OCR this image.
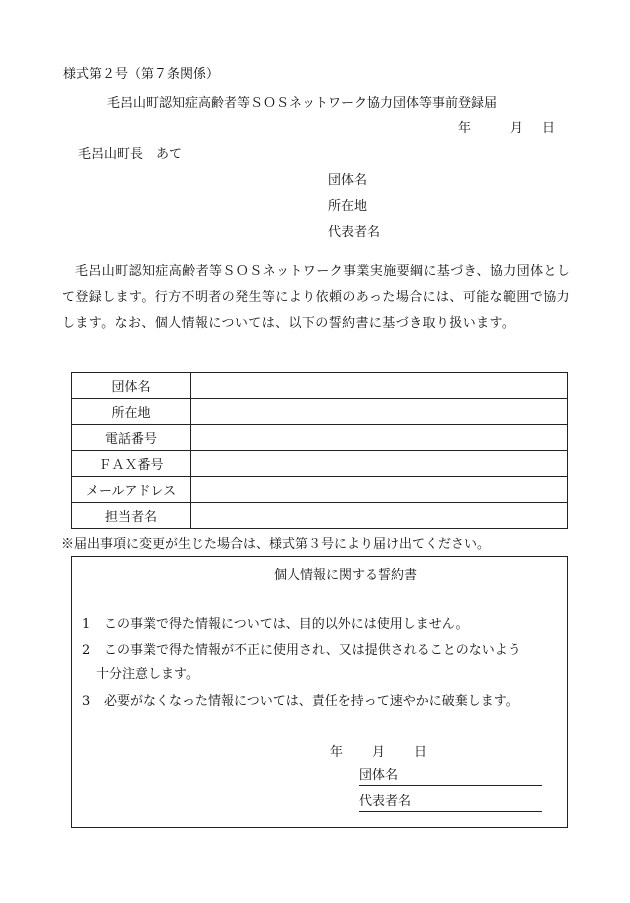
様式第２号（第７条関係）
毛呂山町認知症高齢者等ＳＯＳネットワーク協力団体等事前登録届
年	月 日
毛呂山町長　あて
団体名
所在地
代表者名

毛呂山町認知症高齢者等ＳＯＳネットワーク事業実施要綱に基づき、協力団体として登録します。行方不明者の発生等により依頼のあった場合には、可能な範囲で協力します。なお、個人情報については、以下の誓約書に基づき取り扱います。

団体名	
所在地	
電話番号	
ＦＡＸ番号	
メールアドレス	
担当者名	
※届出事項に変更が生じた場合は、様式第３号により届け出てください。
個人情報に関する誓約書
1 この事業で得た情報については、目的以外には使用しません。
2 この事業で得た情報が不正に使用され、又は提供されることのないよう
十分注意します。
3 必要がなくなった情報については、責任を持って速やかに破棄します。
年 月 日
団体名
代表者名
